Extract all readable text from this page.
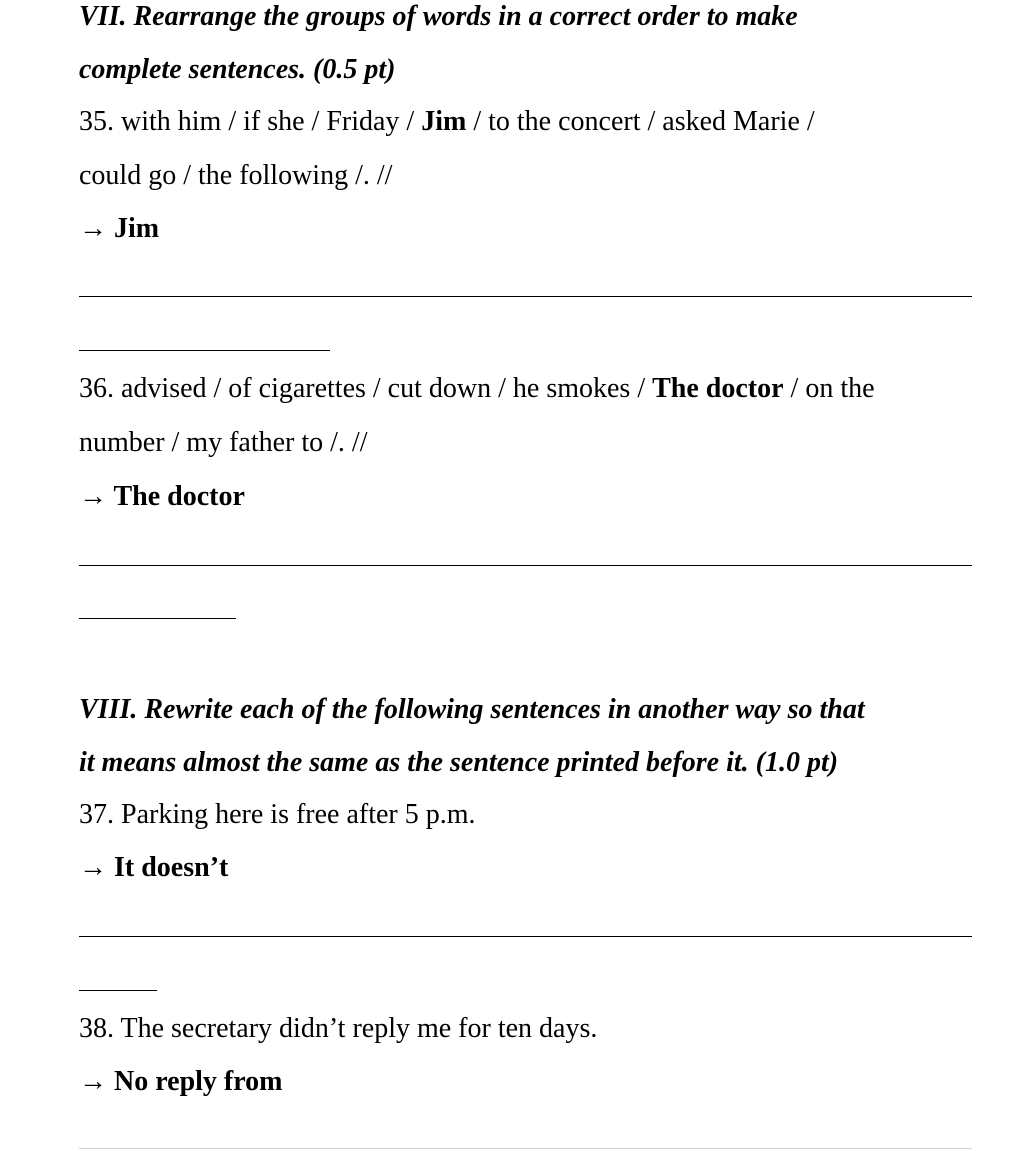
VII. Rearrange the groups of words in a correct order to make
complete sentences. (0.5 pt)
35. with him / if she / Friday / Jim / to the concert / asked Marie /
could go / the following /. //
→ Jim
36. advised / of cigarettes / cut down / he smokes / The doctor / on the
number / my father to /. //
→ The doctor
VIII. Rewrite each of the following sentences in another way so that
it means almost the same as the sentence printed before it. (1.0 pt)
37. Parking here is free after 5 p.m.
→ It doesn’t
38. The secretary didn’t reply me for ten days.
→ No reply from
